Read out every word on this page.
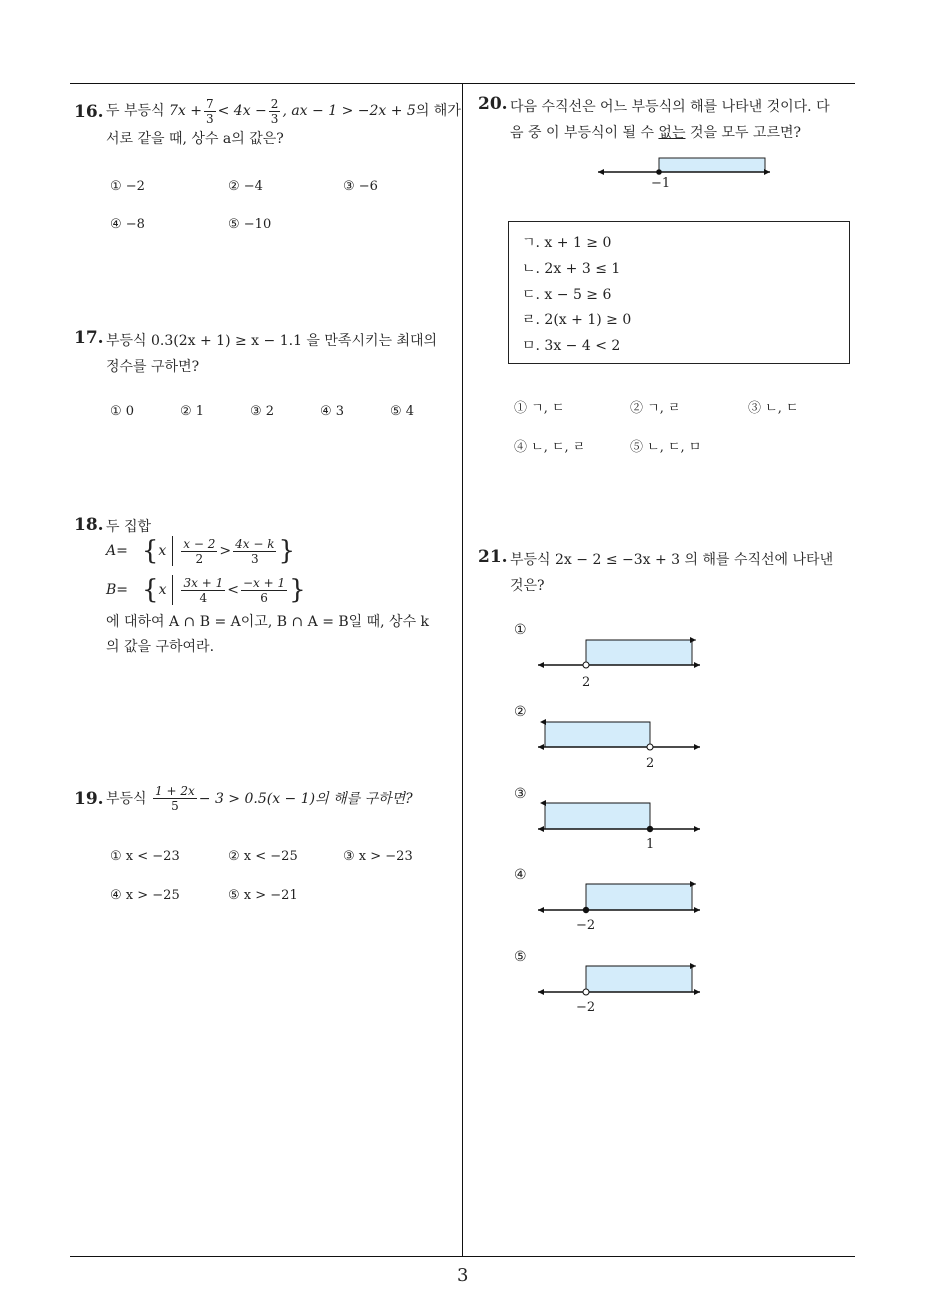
3
16. 두 부등식
$7x + \frac{7}{3} < 4x - \frac{2}{3}$ , ax − 1 > −2x + 5 의 해가
서로 같을 때, 상수 a의 값은?
① −2	② −4	③ −6
④ −8	⑤ −10
17. 부등식 0.3(2x + 1) ≥ x − 1.1 을 만족시키는 최대의
정수를 구하면?
① 0	② 1	③ 2	④ 3	⑤ 4
18. 두 집합
A= { x $\frac{x - 2}{2} > \frac{4x - k}{3}$ }
B= { x $\frac{3x + 1}{4} < \frac{-x + 1}{6}$ }
에 대하여 A ∩ B = A이고, B ∩ A = B일 때, 상수 k
의 값을 구하여라.
19. 부등식
$\frac{1 + 2x}{5} - 3 > 0.5(x - 1)$의 해를 구하면?
① x < −23	② x < −25	③ x > −23
④ x > −25	⑤ x > −21
20. 다음 수직선은 어느 부등식의 해를 나타낸 것이다. 다
음 중 이 부등식이 될 수 없는 것을 모두 고르면?
−1
ㄱ. x + 1 ≥ 0
ㄴ. 2x + 3 ≤ 1
ㄷ. x − 5 ≥ 6
ㄹ. 2(x + 1) ≥ 0
ㅁ. 3x − 4 < 2
① ㄱ, ㄷ	② ㄱ, ㄹ	③ ㄴ, ㄷ
④ ㄴ, ㄷ, ㄹ	⑤ ㄴ, ㄷ, ㅁ
21. 부등식 2x − 2 ≤ −3x + 3 의 해를 수직선에 나타낸
것은?
①
2
②
2
③
1
④
−2
⑤
−2
